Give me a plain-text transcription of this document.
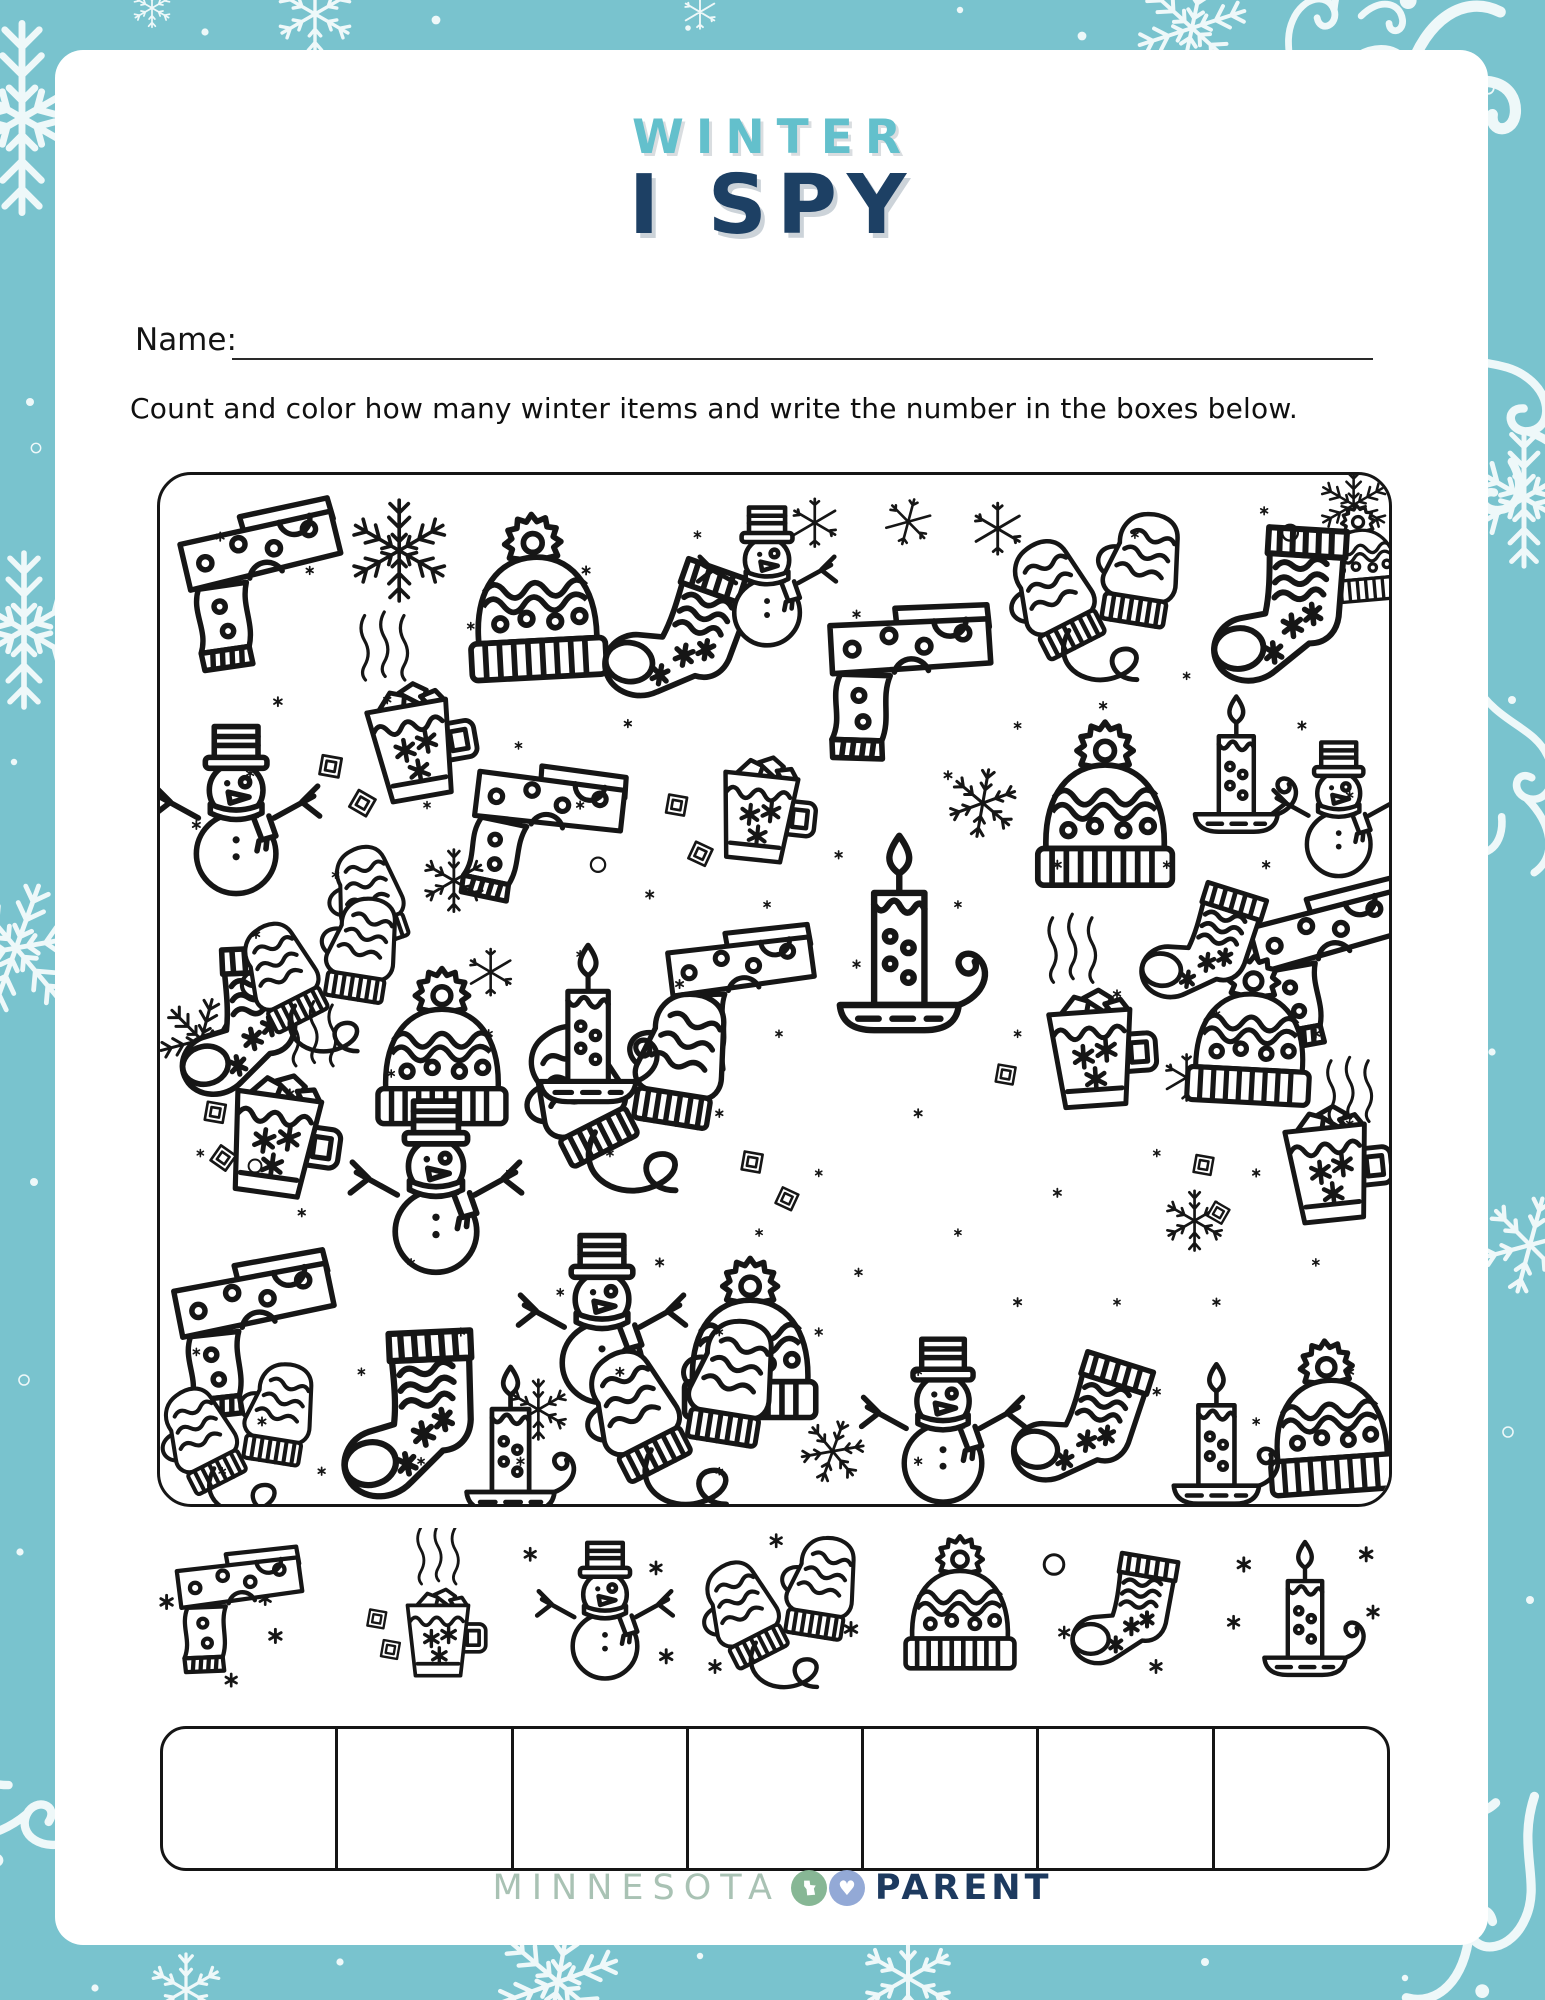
WINTER
I SPY
Name:
Count and color how many winter items and write the number in the boxes below.
MINNESOTA	♥ PARENT
